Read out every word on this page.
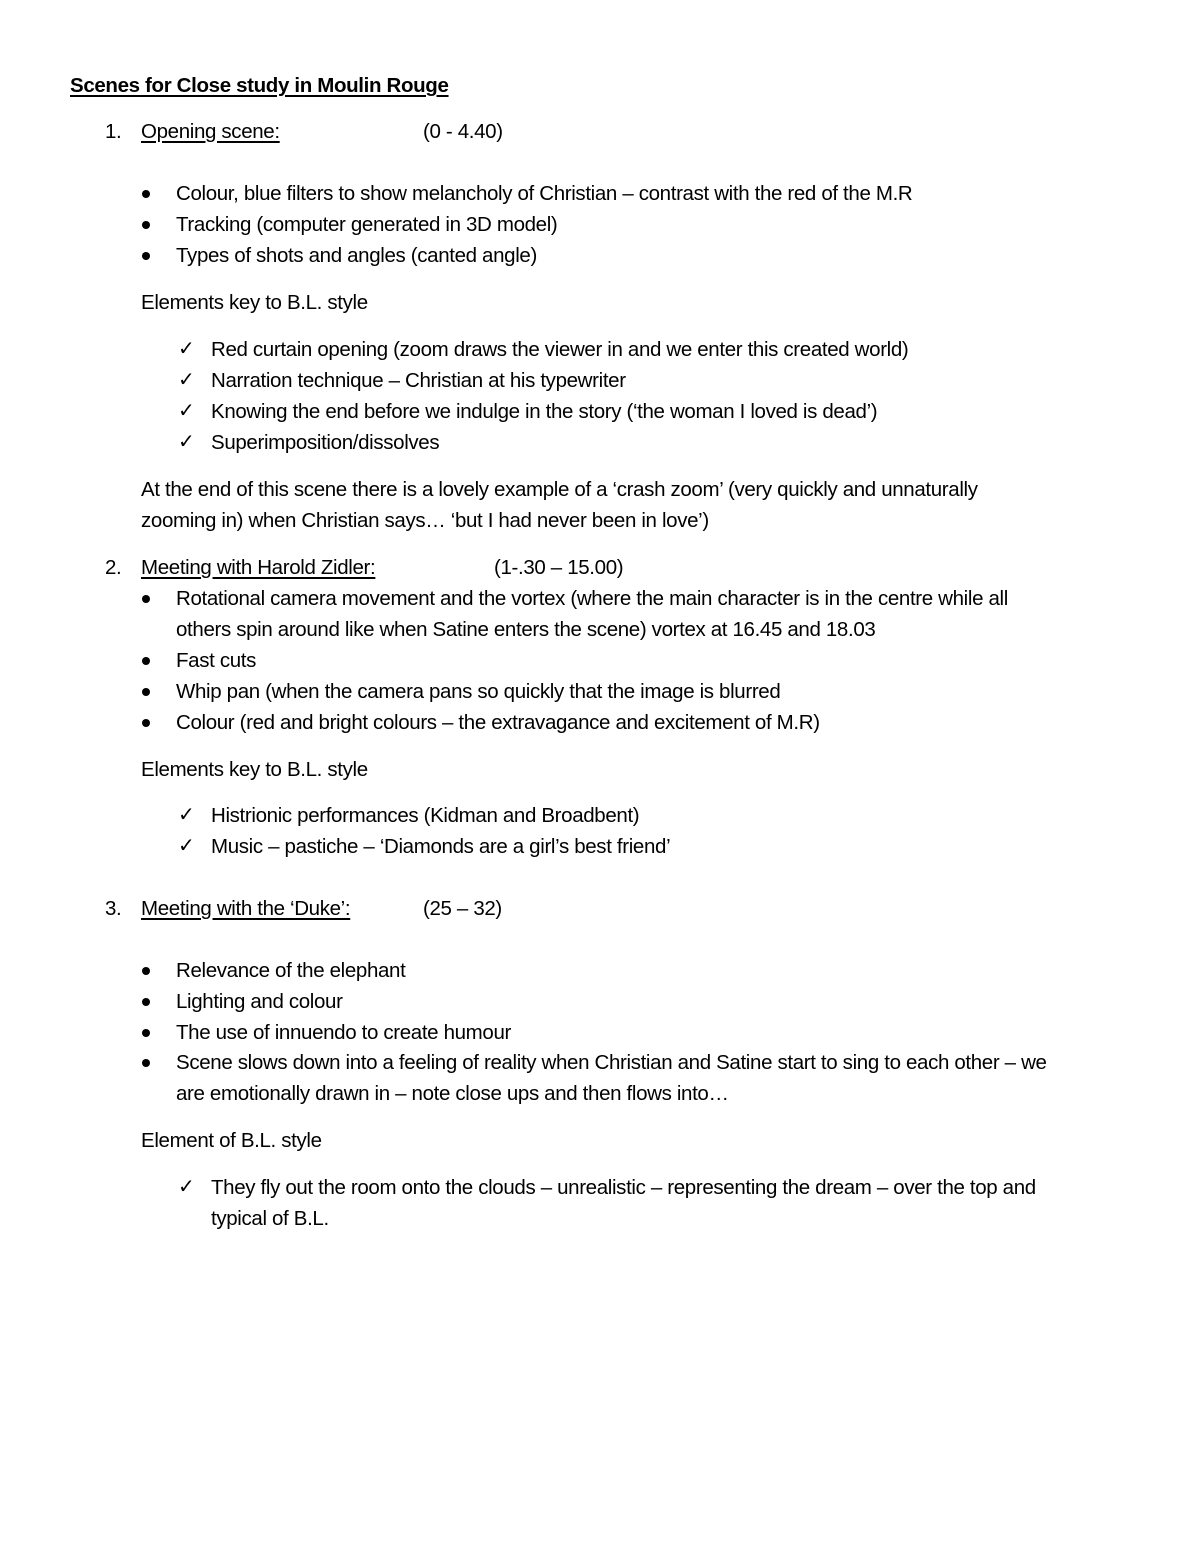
Scenes for Close study in Moulin Rouge
1. Opening scene:	(0 - 4.40)
Colour, blue filters to show melancholy of Christian – contrast with the red of the M.R
Tracking (computer generated in 3D model)
Types of shots and angles (canted angle)
Elements key to B.L. style
✓ Red curtain opening (zoom draws the viewer in and we enter this created world)
✓ Narration technique – Christian at his typewriter
✓ Knowing the end before we indulge in the story (‘the woman I loved is dead’)
✓ Superimposition/dissolves
At the end of this scene there is a lovely example of a ‘crash zoom’ (very quickly and unnaturally
zooming in) when Christian says… ‘but I had never been in love’)
2. Meeting with Harold Zidler:	(1-.30 – 15.00)
Rotational camera movement and the vortex (where the main character is in the centre while all
others spin around like when Satine enters the scene) vortex at 16.45 and 18.03
Fast cuts
Whip pan (when the camera pans so quickly that the image is blurred
Colour (red and bright colours – the extravagance and excitement of M.R)
Elements key to B.L. style
✓ Histrionic performances (Kidman and Broadbent)
✓ Music – pastiche – ‘Diamonds are a girl’s best friend’
3. Meeting with the ‘Duke’:	(25 – 32)
Relevance of the elephant
Lighting and colour
The use of innuendo to create humour
Scene slows down into a feeling of reality when Christian and Satine start to sing to each other – we
are emotionally drawn in – note close ups and then flows into…
Element of B.L. style
✓ They fly out the room onto the clouds – unrealistic – representing the dream – over the top and
typical of B.L.
